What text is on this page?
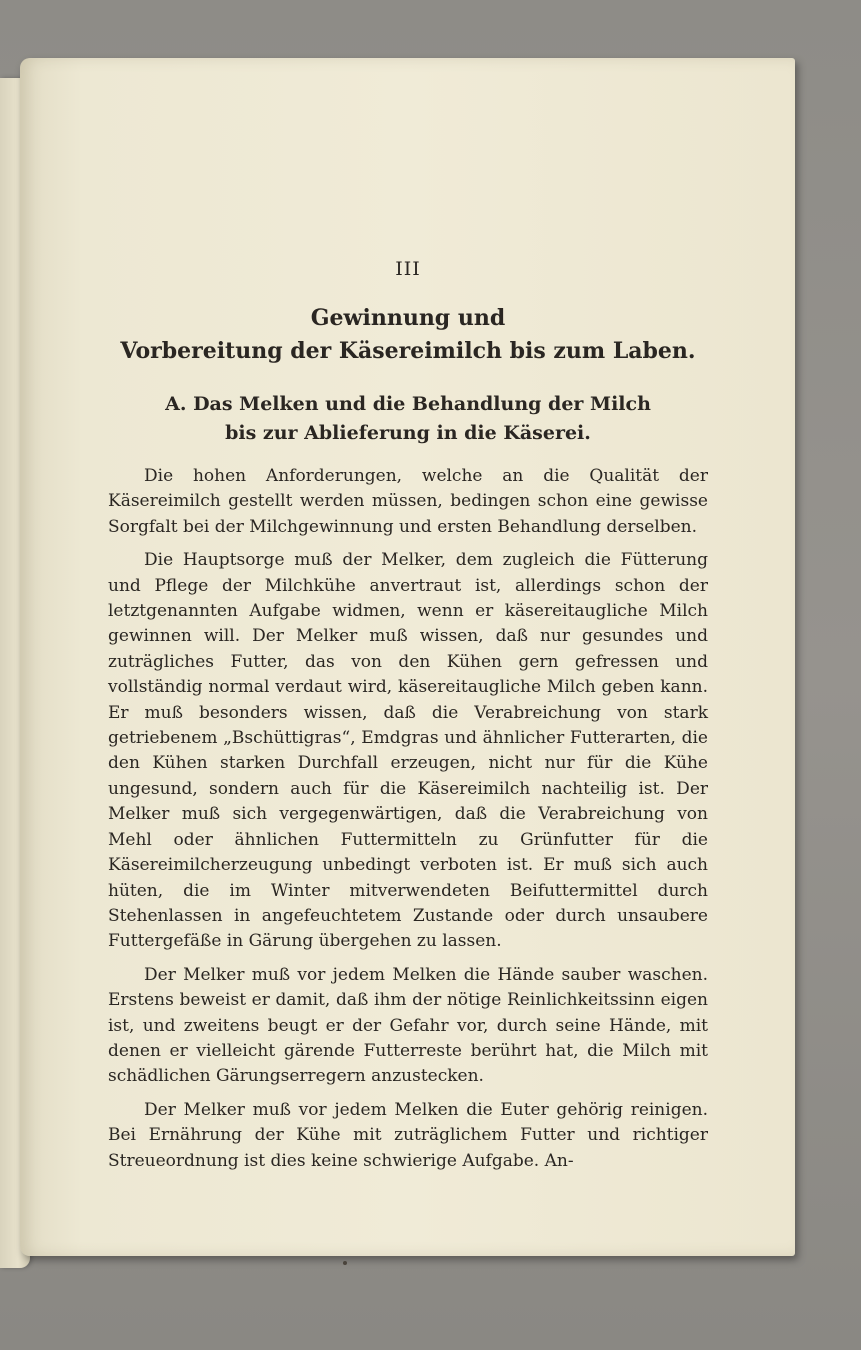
III
Gewinnung und
Vorbereitung der Käsereimilch bis zum Laben.
A. Das Melken und die Behandlung der Milch
bis zur Ablieferung in die Käserei.

Die hohen Anforderungen, welche an die Qualität der Käsereimilch gestellt werden müssen, bedingen schon eine gewisse Sorgfalt bei der Milchgewinnung und ersten Behandlung derselben.

Die Hauptsorge muß der Melker, dem zugleich die Fütterung und Pflege der Milchkühe anvertraut ist, allerdings schon der letztgenannten Aufgabe widmen, wenn er käsereitaugliche Milch gewinnen will. Der Melker muß wissen, daß nur gesundes und zuträgliches Futter, das von den Kühen gern gefressen und vollständig normal verdaut wird, käsereitaugliche Milch geben kann. Er muß besonders wissen, daß die Verabreichung von stark getriebenem „Bschüttigras“, Emdgras und ähnlicher Futterarten, die den Kühen starken Durchfall erzeugen, nicht nur für die Kühe ungesund, sondern auch für die Käsereimilch nachteilig ist. Der Melker muß sich vergegenwärtigen, daß die Verabreichung von Mehl oder ähnlichen Futtermitteln zu Grünfutter für die Käsereimilcherzeugung unbedingt verboten ist. Er muß sich auch hüten, die im Winter mitverwendeten Beifuttermittel durch Stehenlassen in angefeuchtetem Zustande oder durch unsaubere Futtergefäße in Gärung übergehen zu lassen.

Der Melker muß vor jedem Melken die Hände sauber waschen. Erstens beweist er damit, daß ihm der nötige Reinlichkeitssinn eigen ist, und zweitens beugt er der Gefahr vor, durch seine Hände, mit denen er vielleicht gärende Futterreste berührt hat, die Milch mit schädlichen Gärungserregern anzustecken.

Der Melker muß vor jedem Melken die Euter gehörig reinigen. Bei Ernährung der Kühe mit zuträglichem Futter und richtiger Streueordnung ist dies keine schwierige Aufgabe. An-
